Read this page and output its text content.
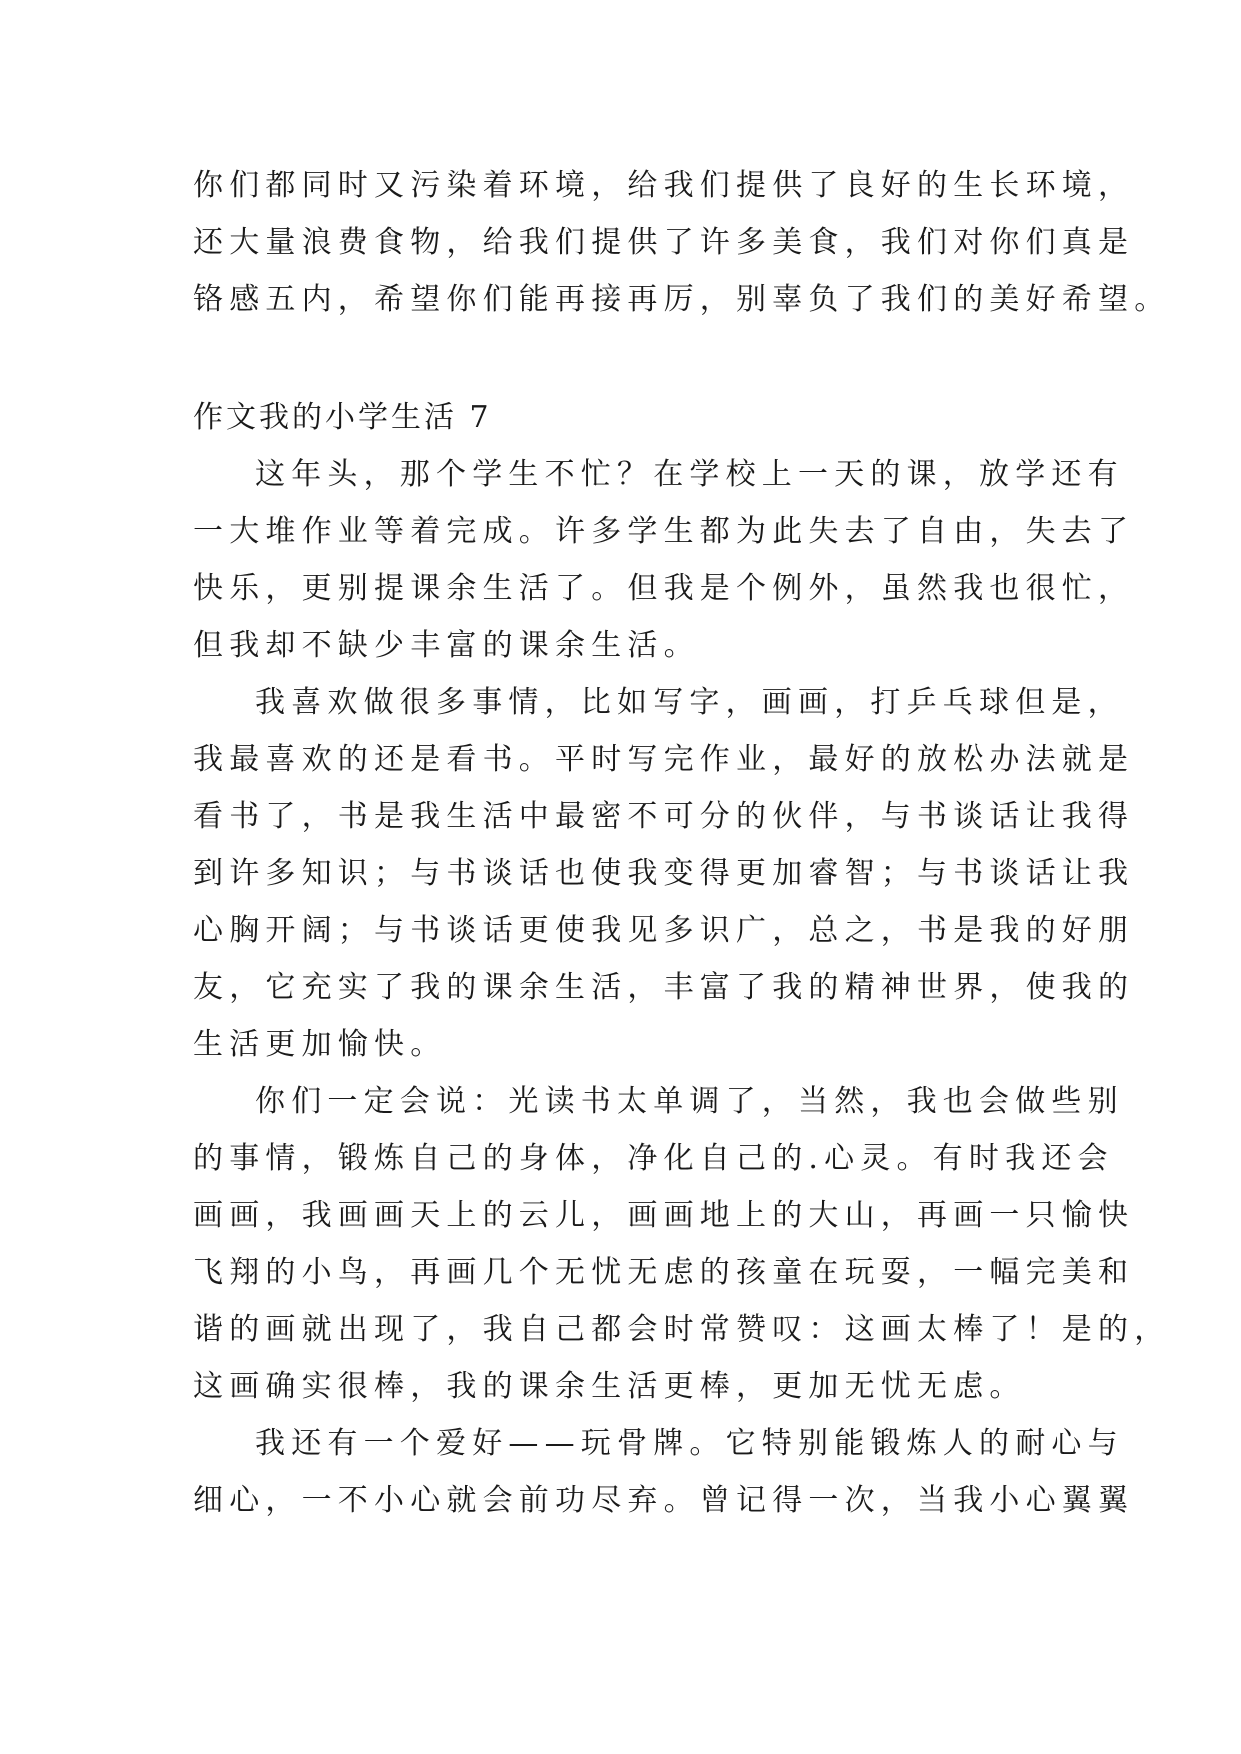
你们都同时又污染着环境，给我们提供了良好的生长环境，

还大量浪费食物，给我们提供了许多美食，我们对你们真是

铬感五内，希望你们能再接再厉，别辜负了我们的美好希望。

作文我的小学生活 7

这年头，那个学生不忙？在学校上一天的课，放学还有

一大堆作业等着完成。许多学生都为此失去了自由，失去了

快乐，更别提课余生活了。但我是个例外，虽然我也很忙，

但我却不缺少丰富的课余生活。

我喜欢做很多事情，比如写字，画画，打乒乓球但是，

我最喜欢的还是看书。平时写完作业，最好的放松办法就是

看书了，书是我生活中最密不可分的伙伴，与书谈话让我得

到许多知识；与书谈话也使我变得更加睿智；与书谈话让我

心胸开阔；与书谈话更使我见多识广，总之，书是我的好朋

友，它充实了我的课余生活，丰富了我的精神世界，使我的

生活更加愉快。

你们一定会说：光读书太单调了，当然，我也会做些别

的事情，锻炼自己的身体，净化自己的.心灵。有时我还会

画画，我画画天上的云儿，画画地上的大山，再画一只愉快

飞翔的小鸟，再画几个无忧无虑的孩童在玩耍，一幅完美和

谐的画就出现了，我自己都会时常赞叹：这画太棒了！是的，

这画确实很棒，我的课余生活更棒，更加无忧无虑。

我还有一个爱好——玩骨牌。它特别能锻炼人的耐心与

细心，一不小心就会前功尽弃。曾记得一次，当我小心翼翼
